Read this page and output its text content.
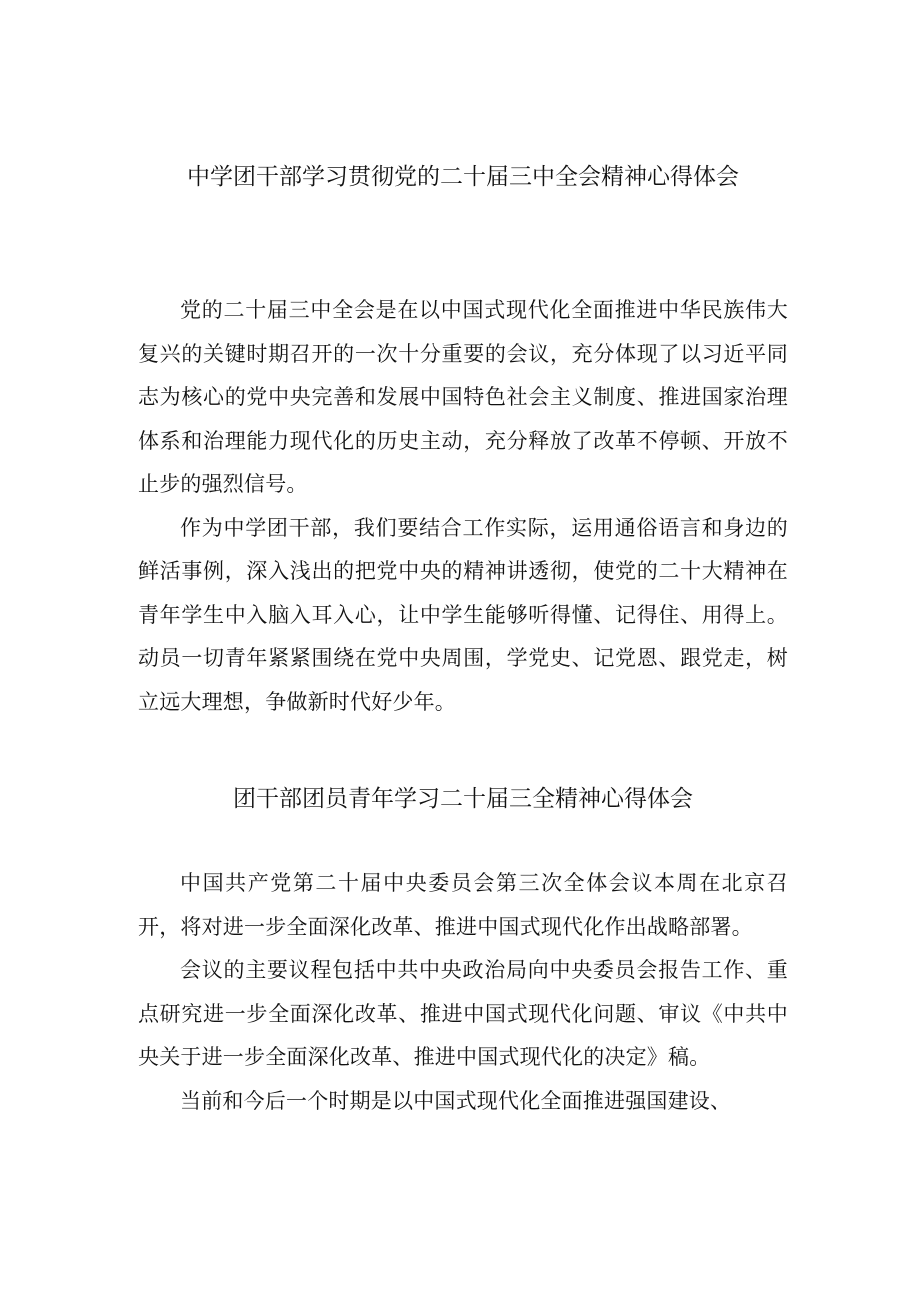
中学团干部学习贯彻党的二十届三中全会精神心得体会

党的二十届三中全会是在以中国式现代化全面推进中华民族伟大复兴的关键时期召开的一次十分重要的会议，充分体现了以习近平同志为核心的党中央完善和发展中国特色社会主义制度、推进国家治理体系和治理能力现代化的历史主动，充分释放了改革不停顿、开放不止步的强烈信号。

作为中学团干部，我们要结合工作实际，运用通俗语言和身边的鲜活事例，深入浅出的把党中央的精神讲透彻，使党的二十大精神在青年学生中入脑入耳入心，让中学生能够听得懂、记得住、用得上。动员一切青年紧紧围绕在党中央周围，学党史、记党恩、跟党走，树立远大理想，争做新时代好少年。

团干部团员青年学习二十届三全精神心得体会

中国共产党第二十届中央委员会第三次全体会议本周在北京召开，将对进一步全面深化改革、推进中国式现代化作出战略部署。

会议的主要议程包括中共中央政治局向中央委员会报告工作、重点研究进一步全面深化改革、推进中国式现代化问题、审议《中共中央关于进一步全面深化改革、推进中国式现代化的决定》稿。

当前和今后一个时期是以中国式现代化全面推进强国建设、
